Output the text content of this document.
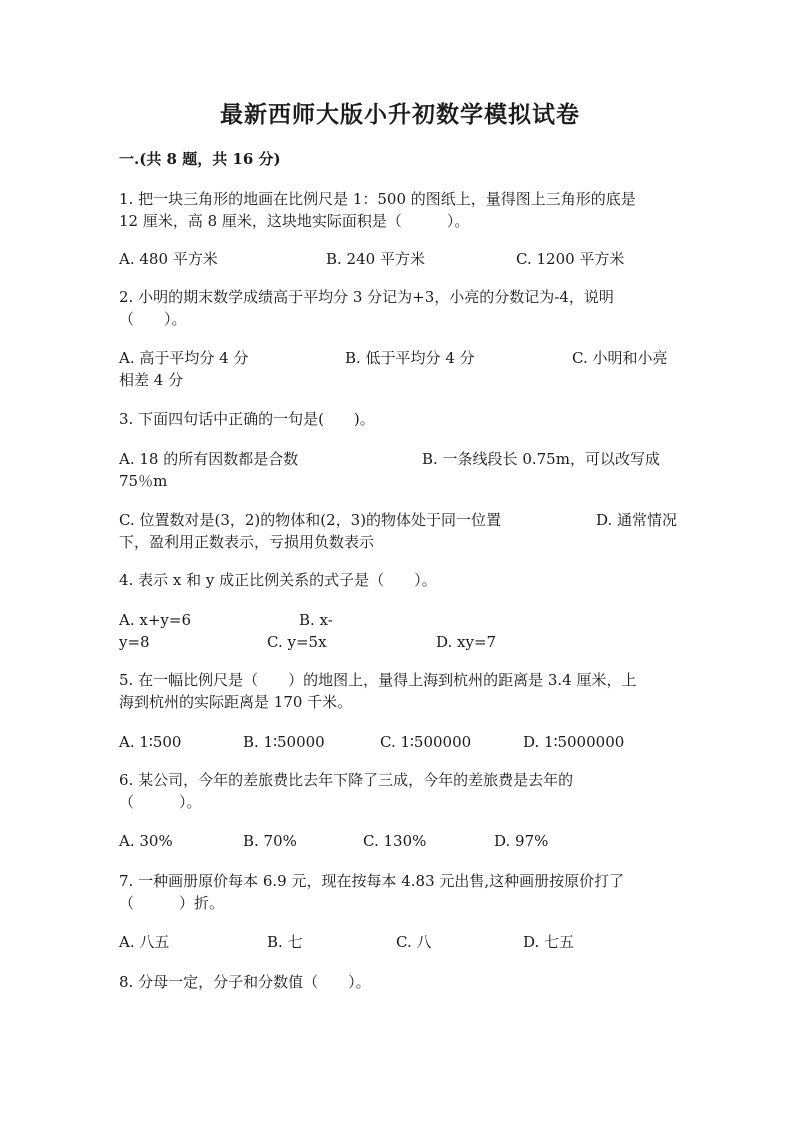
最新西师大版小升初数学模拟试卷
一.(共 8 题，共 16 分)
1. 把一块三角形的地画在比例尺是 1：500 的图纸上，量得图上三角形的底是
12 厘米，高 8 厘米，这块地实际面积是（　　　）。
A. 480 平方米	B. 240 平方米	C. 1200 平方米
2. 小明的期末数学成绩高于平均分 3 分记为+3，小亮的分数记为-4，说明
（　　）。
A. 高于平均分 4 分	B. 低于平均分 4 分	C. 小明和小亮
相差 4 分
3. 下面四句话中正确的一句是(　　)。
A. 18 的所有因数都是合数	B. 一条线段长 0.75m，可以改写成
75％m
C. 位置数对是(3，2)的物体和(2，3)的物体处于同一位置	D. 通常情况
下，盈利用正数表示，亏损用负数表示
4. 表示 x 和 y 成正比例关系的式子是（　　）。
A. x+y=6	B. x-
y=8	C. y=5x	D. xy=7
5. 在一幅比例尺是（　　）的地图上，量得上海到杭州的距离是 3.4 厘米，上
海到杭州的实际距离是 170 千米。
A. 1∶500	B. 1∶50000	C. 1∶500000	D. 1∶5000000
6. 某公司，今年的差旅费比去年下降了三成，今年的差旅费是去年的
（　　　）。
A. 30%	B. 70%	C. 130%	D. 97%
7. 一种画册原价每本 6.9 元，现在按每本 4.83 元出售,这种画册按原价打了
（　　　）折。
A. 八五	B. 七	C. 八	D. 七五
8. 分母一定，分子和分数值（　　）。
